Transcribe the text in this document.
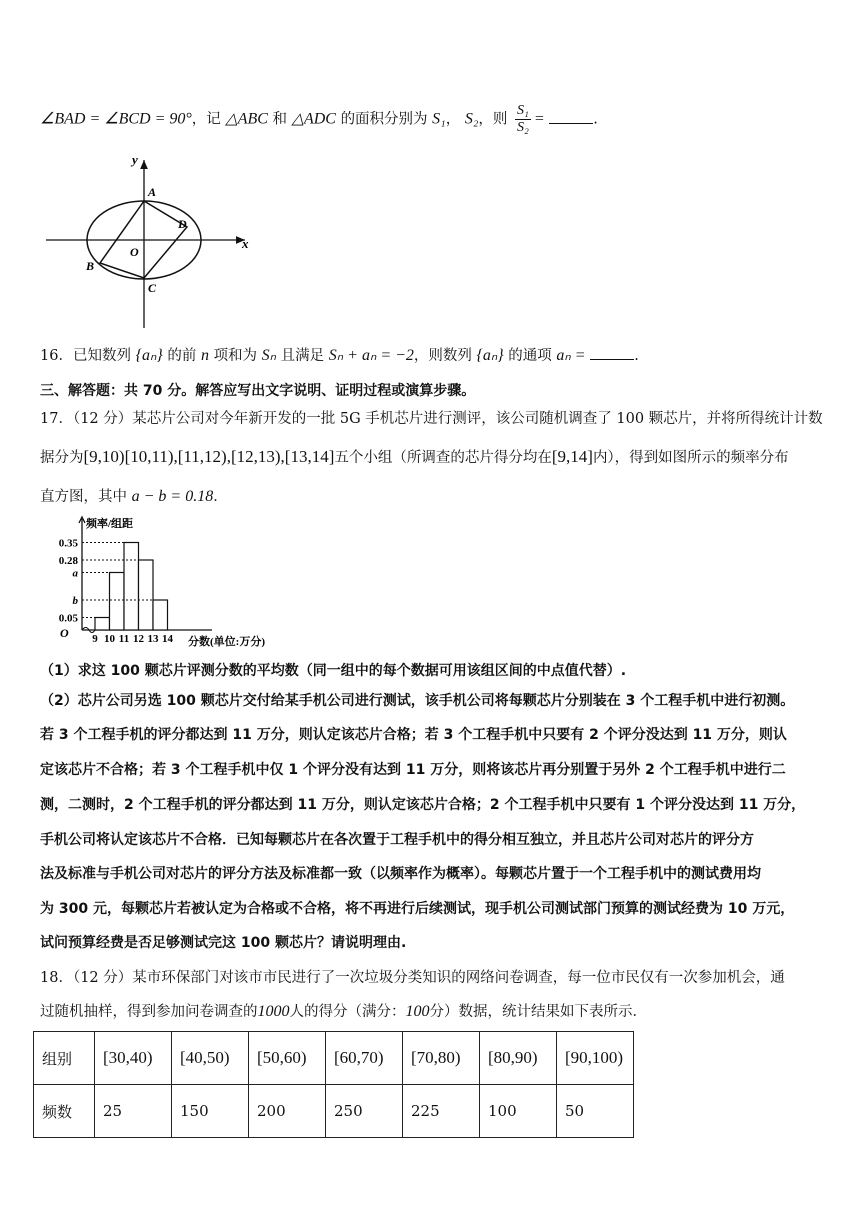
∠BAD = ∠BCD = 90°，记 △ABC 和 △ADC 的面积分别为 S₁， S₂，则 $\frac{\text{S₁}}{\text{S₂}}$ =	.
y
x
A
B
C
D
O
16．已知数列 {aₙ} 的前 n 项和为 Sₙ 且满足 Sₙ + aₙ = −2，则数列 {aₙ} 的通项 aₙ =	.
三、解答题：共 70 分。解答应写出文字说明、证明过程或演算步骤。
17．（12 分）某芯片公司对今年新开发的一批 5G 手机芯片进行测评，该公司随机调查了 100 颗芯片，并将所得统计计数
据分为[9,10)[10,11),[11,12),[12,13),[13,14]五个小组（所调查的芯片得分均在[9,14]内），得到如图所示的频率分布
直方图，其中 a − b = 0.18．
频率/组距
分数(单位:万分)
O
0.35
0.28
a
b
0.05
9 10 11 12 13 14
（1）求这 100 颗芯片评测分数的平均数（同一组中的每个数据可用该组区间的中点值代替）.
（2）芯片公司另选 100 颗芯片交付给某手机公司进行测试，该手机公司将每颗芯片分别装在 3 个工程手机中进行初测。
若 3 个工程手机的评分都达到 11 万分，则认定该芯片合格；若 3 个工程手机中只要有 2 个评分没达到 11 万分，则认
定该芯片不合格；若 3 个工程手机中仅 1 个评分没有达到 11 万分，则将该芯片再分别置于另外 2 个工程手机中进行二
测，二测时，2 个工程手机的评分都达到 11 万分，则认定该芯片合格；2 个工程手机中只要有 1 个评分没达到 11 万分，
手机公司将认定该芯片不合格．已知每颗芯片在各次置于工程手机中的得分相互独立，并且芯片公司对芯片的评分方
法及标准与手机公司对芯片的评分方法及标准都一致（以频率作为概率）。每颗芯片置于一个工程手机中的测试费用均
为 300 元，每颗芯片若被认定为合格或不合格，将不再进行后续测试，现手机公司测试部门预算的测试经费为 10 万元，
试问预算经费是否足够测试完这 100 颗芯片？请说明理由.
18．（12 分）某市环保部门对该市市民进行了一次垃圾分类知识的网络问卷调查，每一位市民仅有一次参加机会，通
过随机抽样，得到参加问卷调查的1000人的得分（满分：100分）数据，统计结果如下表所示．
组别	[30,40)	[40,50)	[50,60)	[60,70)	[70,80)	[80,90)	[90,100)
频数	25	150	200	250	225	100	50
